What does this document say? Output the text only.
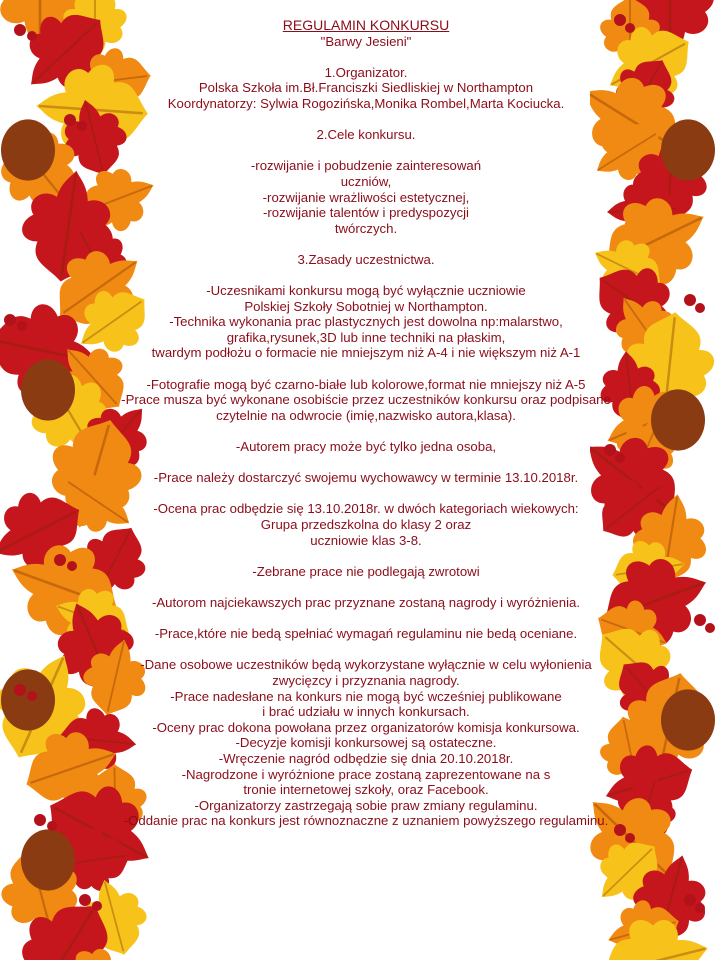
REGULAMIN KONKURSU

"Barwy Jesieni"

1.Organizator.

Polska Szkoła im.Bł.Franciszki Siedliskiej w Northampton

Koordynatorzy: Sylwia Rogozińska,Monika Rombel,Marta Kociucka.

2.Cele konkursu.

-rozwijanie i pobudzenie zainteresowań

uczniów,

-rozwijanie wrażliwości estetycznej,

-rozwijanie talentów i predyspozycji

twórczych.

3.Zasady uczestnictwa.

-Uczesnikami konkursu mogą być wyłącznie uczniowie

Polskiej Szkoły Sobotniej w Northampton.

-Technika wykonania prac plastycznych jest dowolna np:malarstwo,

grafika,rysunek,3D lub inne techniki na płaskim,

twardym podłożu o formacie nie mniejszym niż A-4 i nie większym niż A-1

-Fotografie mogą być czarno-białe lub kolorowe,format nie mniejszy niż A-5

-Prace musza być wykonane osobiście przez uczestników konkursu oraz podpisane

czytelnie na odwrocie (imię,nazwisko autora,klasa).

-Autorem pracy może być tylko jedna osoba,

-Prace należy dostarczyć swojemu wychowawcy w terminie 13.10.2018r.

-Ocena prac odbędzie się 13.10.2018r. w dwóch kategoriach wiekowych:

Grupa przedszkolna do klasy 2 oraz

uczniowie klas 3-8.

-Zebrane prace nie podlegają zwrotowi

-Autorom najciekawszych prac przyznane zostaną nagrody i wyróżnienia.

-Prace,które nie bedą spełniać wymagań regulaminu nie bedą oceniane.

-Dane osobowe uczestników będą wykorzystane wyłącznie w celu wyłonienia

zwycięzcy i przyznania nagrody.

-Prace nadesłane na konkurs nie mogą być wcześniej publikowane

i brać udziału w innych konkursach.

-Oceny prac dokona powołana przez organizatorów komisja konkursowa.

-Decyzje komisji konkursowej są ostateczne.

-Wręczenie nagród odbędzie się dnia 20.10.2018r.

-Nagrodzone i wyróżnione prace zostaną zaprezentowane na s

tronie internetowej szkoły, oraz Facebook.

-Organizatorzy zastrzegają sobie praw zmiany regulaminu.

-Oddanie prac na konkurs jest równoznaczne z uznaniem powyższego regulaminu.
